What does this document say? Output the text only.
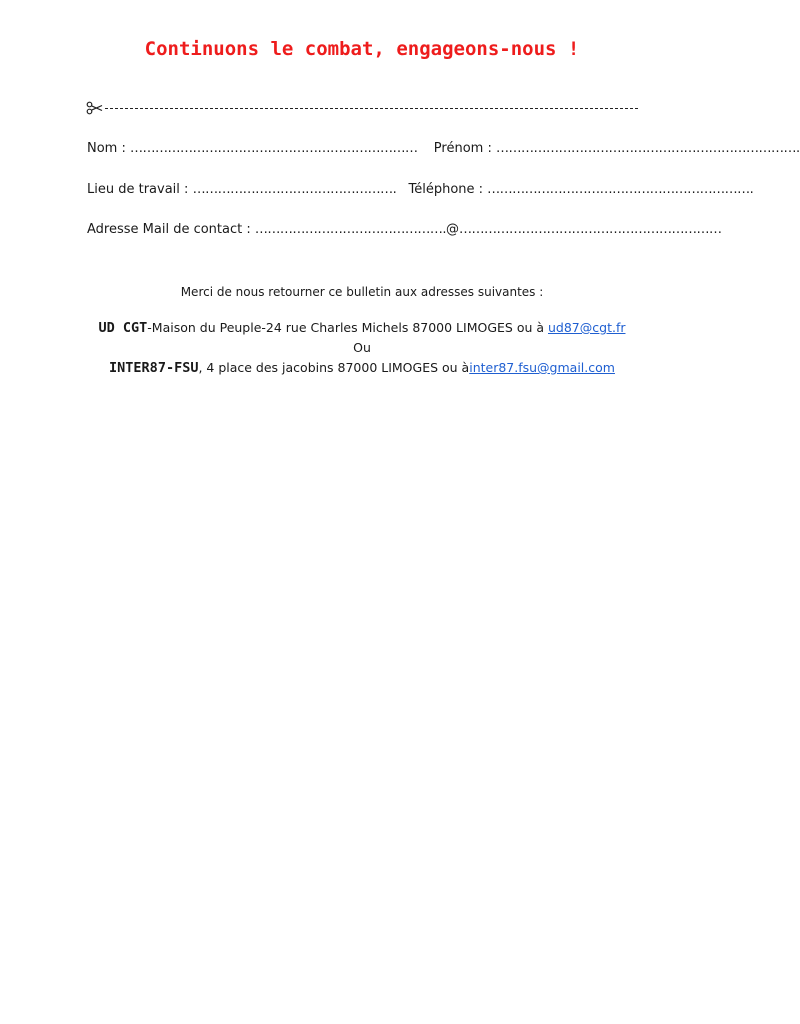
Continuons le combat, engageons-nous !
Nom : …………………………………………………………… Prénom : ……………………………………………………………….
Lieu de travail : …………………………………………. Téléphone : ……………………………………………………….
Adresse Mail de contact : ……………………………………….@………………………………………………………
Merci de nous retourner ce bulletin aux adresses suivantes :
UD CGT-Maison du Peuple-24 rue Charles Michels 87000 LIMOGES ou à ud87@cgt.fr
Ou
INTER87-FSU, 4 place des jacobins 87000 LIMOGES ou àinter87.fsu@gmail.com
